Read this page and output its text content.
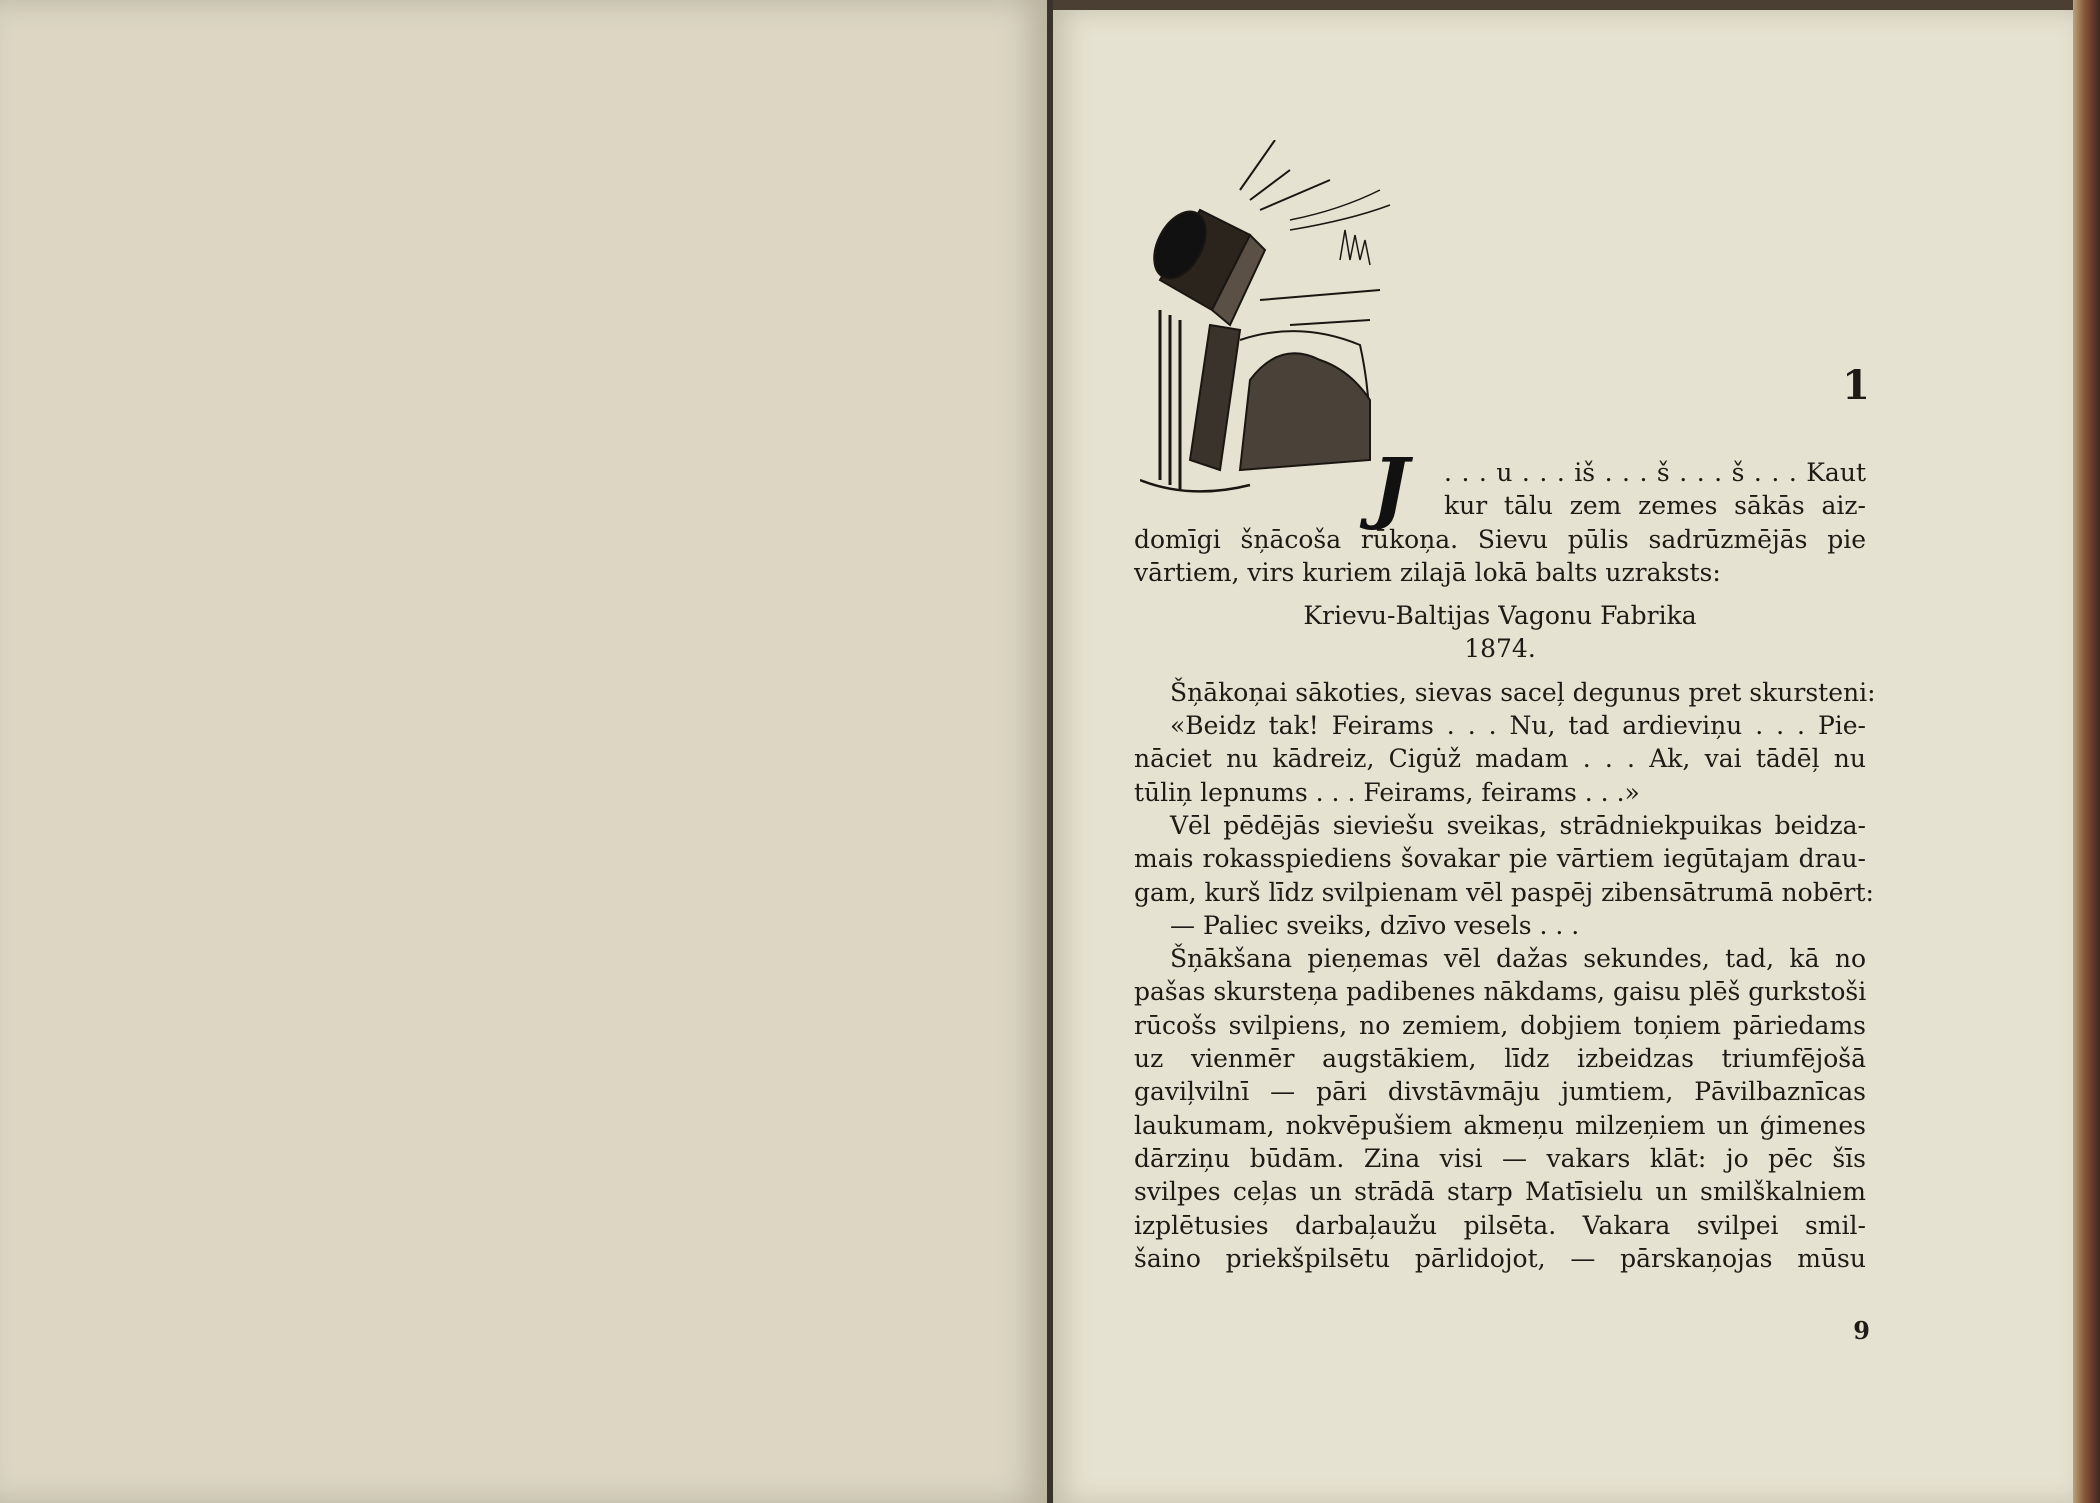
1
J	. . . u . . . iš . . . š . . . š . . . Kaut
kur tālu zem zemes sākās aiz-
domīgi šņācoša rūkoņa. Sievu pūlis sadrūzmējās pie
vārtiem, virs kuriem zilajā lokā balts uzraksts:
Krievu-Baltijas Vagonu Fabrika
1874.
Šņākoņai sākoties, sievas saceļ degunus pret skursteni:
«Beidz tak! Feirams . . . Nu, tad ardieviņu . . . Pie-
nāciet nu kādreiz, Cigu̇ž madam . . . Ak, vai tādēļ nu
tūliņ lepnums . . . Feirams, feirams . . .»
Vēl pēdējās sieviešu sveikas, strādniekpuikas beidza-
mais rokasspiediens šovakar pie vārtiem iegūtajam drau-
gam, kurš līdz svilpienam vēl paspēj zibensātrumā nobērt:
— Paliec sveiks, dzīvo vesels . . .
Šņākšana pieņemas vēl dažas sekundes, tad, kā no
pašas skursteņa padibenes nākdams, gaisu plēš gurkstoši
rūcošs svilpiens, no zemiem, dobjiem toņiem pāriedams
uz vienmēr augstākiem, līdz izbeidzas triumfējošā
gaviļvilnī — pāri divstāvmāju jumtiem, Pāvilbaznīcas
laukumam, nokvēpušiem akmeņu milzeņiem un ģimenes
dārziņu būdām. Zina visi — vakars klāt: jo pēc šīs
svilpes ceļas un strādā starp Matīsielu un smilškalniem
izplētusies darbaļaužu pilsēta. Vakara svilpei smil-
šaino priekšpilsētu pārlidojot, — pārskaņojas mūsu
9
